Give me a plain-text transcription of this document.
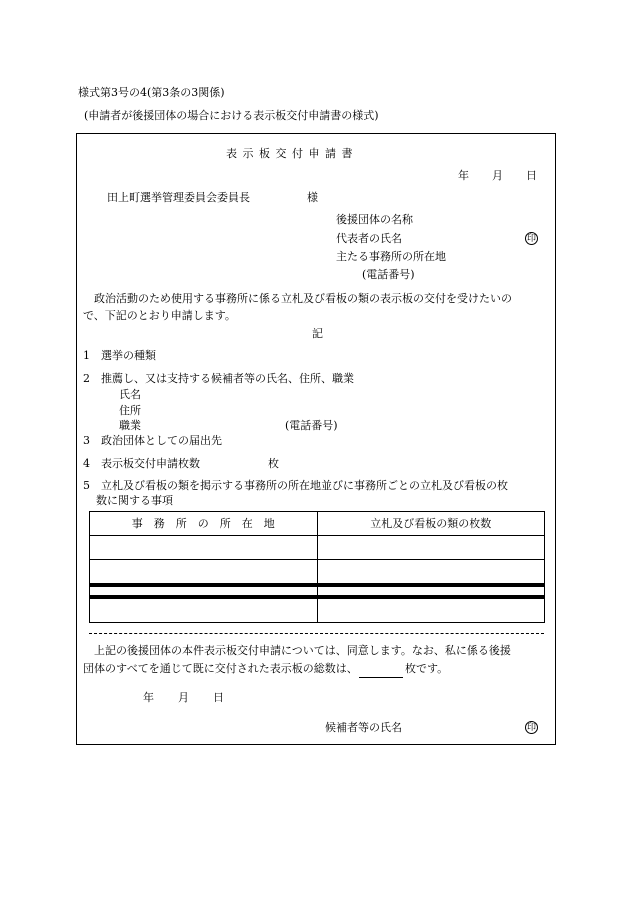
様式第3号の4(第3条の3関係)
(申請者が後援団体の場合における表示板交付申請書の様式)
表 示 板 交 付 申 請 書
年 月 日
田上町選挙管理委員会委員長	様
後援団体の名称
代表者の氏名	印
主たる事務所の所在地
(電話番号)
政治活動のため使用する事務所に係る立札及び看板の類の表示板の交付を受けたいの
で、下記のとおり申請します。
記
1　選挙の種類
2　推薦し、又は支持する候補者等の氏名、住所、職業
氏名
住所
職業	(電話番号)
3　政治団体としての届出先
4　表示板交付申請枚数	枚
5　立札及び看板の類を掲示する事務所の所在地並びに事務所ごとの立札及び看板の枚
数に関する事項
事　務　所　の　所　在　地	立札及び看板の類の枚数

上記の後援団体の本件表示板交付申請については、同意します。なお、私に係る後援
団体のすべてを通じて既に交付された表示板の総数は、	枚です。
年 月 日
候補者等の氏名	印
